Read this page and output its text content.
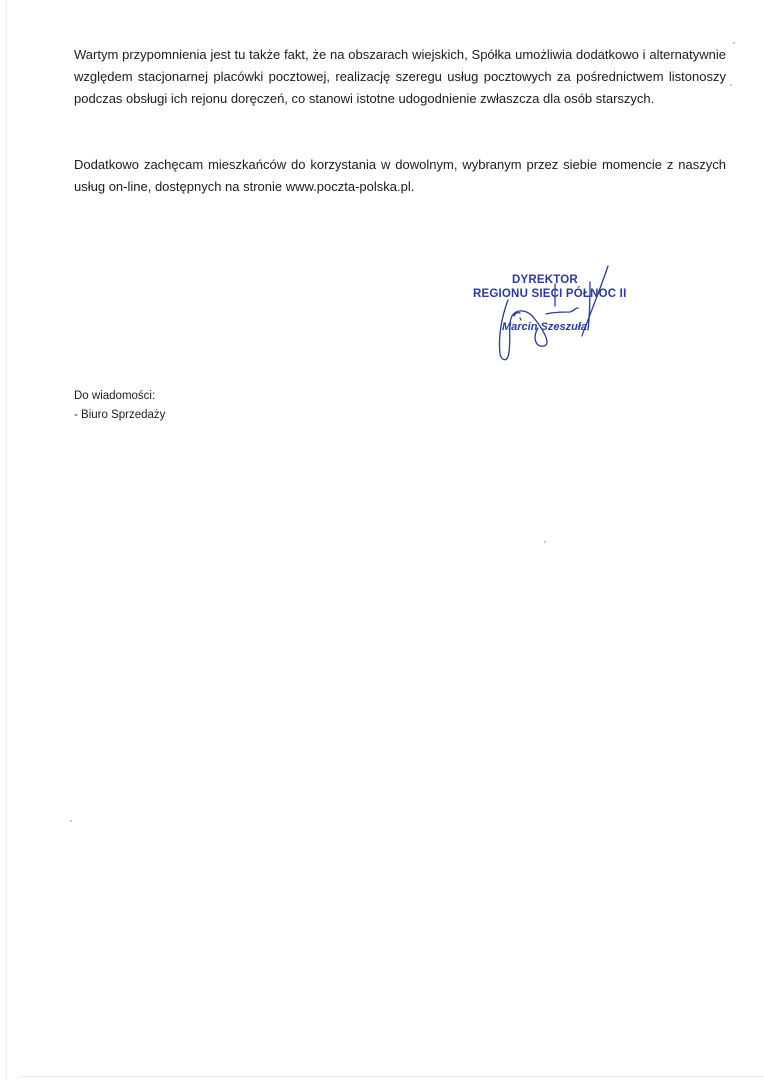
Wartym przypomnienia jest tu także fakt, że na obszarach wiejskich, Spółka umożliwia dodatkowo i alternatywnie względem stacjonarnej placówki pocztowej, realizację szeregu usług pocztowych za pośrednictwem listonoszy podczas obsługi ich rejonu doręczeń, co stanowi istotne udogodnienie zwłaszcza dla osób starszych.

Dodatkowo zachęcam mieszkańców do korzystania w dowolnym, wybranym przez siebie momencie z naszych usług on-line, dostępnych na stronie www.poczta-polska.pl.

DYREKTOR
REGIONU SIECI PÓŁNOC II
Marcin Szeszuła
Do wiadomości:
- Biuro Sprzedaży
